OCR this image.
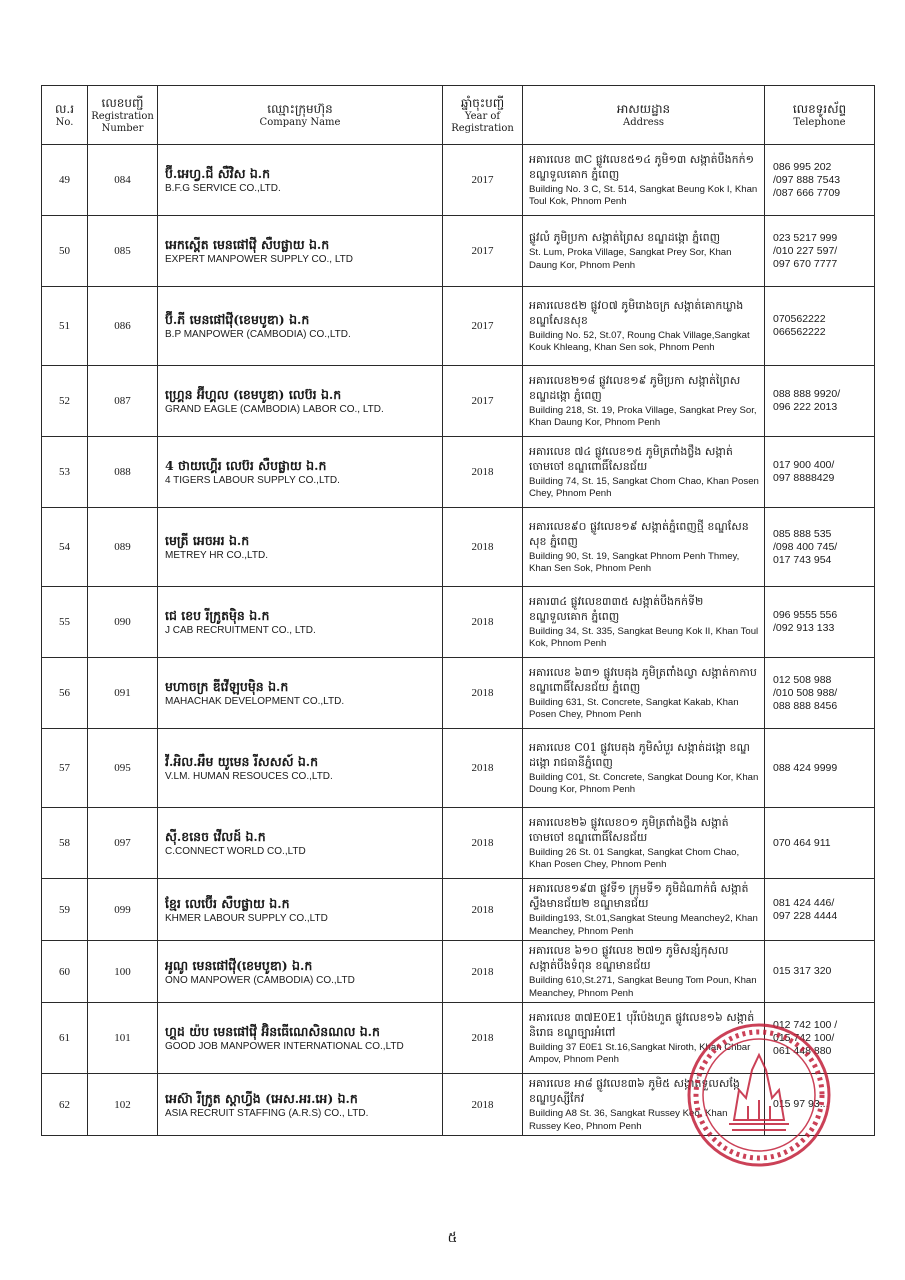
ល.រ
No.	លេខបញ្ជី
Registration Number	ឈ្មោះក្រុមហ៊ុន
Company Name	ឆ្នាំចុះបញ្ជី
Year of Registration	អាសយដ្ឋាន
Address	លេខទូរស័ព្ទ
Telephone

49	084	ប៊ី.អេហ្វ.ជី សឺវិស ឯ.ក
B.F.G SERVICE CO.,LTD.	2017	អគារលេខ ៣C ផ្លូវលេខ៥១៤ ភូមិ១៣ សង្កាត់បឹងកក់១ ខណ្ឌទួលគោក ភ្នំពេញ
Building No. 3 C, St. 514, Sangkat Beung Kok I, Khan Toul Kok, Phnom Penh	086 995 202
/097 888 7543
/087 666 7709

50	085	អេកស្ពើត មេនផៅវ៉ើ សឺបផ្លាយ ឯ.ក
EXPERT MANPOWER SUPPLY CO., LTD	2017	ផ្លូវលំ ភូមិប្រកា សង្កាត់ព្រៃស ខណ្ឌដង្កោ ភ្នំពេញ
St. Lum, Proka Village, Sangkat Prey Sor, Khan Daung Kor, Phnom Penh	023 5217 999
/010 227 597/
097 670 7777

51	086	ប៊ី.ភី មេនផៅវ៉ើ(ខេមបូឌា) ឯ.ក
B.P MANPOWER (CAMBODIA) CO.,LTD.	2017	អគារលេខ៥២ ផ្លូវ០៧ ភូមិរោងចក្រ សង្កាត់គោកឃ្លាង ខណ្ឌសែនសុខ
Building No. 52, St.07, Roung Chak Village,Sangkat Kouk Khleang, Khan Sen sok, Phnom Penh	070562222
066562222

52	087	ហ្គ្រេន អ៊ីហ្គល (ខេមបូឌា) លេប៊រ ឯ.ក
GRAND EAGLE (CAMBODIA) LABOR CO., LTD.	2017	អគារលេខ២១៨ ផ្លូវលេខ១៩ ភូមិប្រកា សង្កាត់ព្រៃស ខណ្ឌដង្កោ ភ្នំពេញ
Building 218, St. 19, Proka Village, Sangkat Prey Sor, Khan Daung Kor, Phnom Penh	088 888 9920/
096 222 2013

53	088	4 ថាយហ្គើរ លេប៊រ សឺបផ្លាយ ឯ.ក
4 TIGERS LABOUR SUPPLY CO.,LTD.	2018	អគារលេខ ៧៤ ផ្លូវលេខ១៥ ភូមិត្រពាំងថ្លឹង សង្កាត់ចោមចៅ ខណ្ឌពោធិ៍សែនជ័យ
Building 74, St. 15, Sangkat Chom Chao, Khan Posen Chey, Phnom Penh	017 900 400/
097 8888429

54	089	មេត្រី អេចអរ ឯ.ក
METREY HR CO.,LTD.	2018	អគារលេខ៩០ ផ្លូវលេខ១៩ សង្កាត់ភ្នំពេញថ្មី ខណ្ឌសែនសុខ ភ្នំពេញ
Building 90, St. 19, Sangkat Phnom Penh Thmey, Khan Sen Sok, Phnom Penh	085 888 535
/098 400 745/
017 743 954

55	090	ជេ ខេប រីក្រូតម៉ិន ឯ.ក
J CAB RECRUITMENT CO., LTD.	2018	អគារ៣៤ ផ្លូវលេខ៣៣៥ សង្កាត់បឹងកក់ទី២ ខណ្ឌទួលគោក ភ្នំពេញ
Building 34, St. 335, Sangkat Beung Kok II, Khan Toul Kok, Phnom Penh	096 9555 556
/092 913 133

56	091	មហាចក្រ ឌីវើឡុបម៉ិន ឯ.ក
MAHACHAK DEVELOPMENT CO.,LTD.	2018	អគារលេខ ៦៣១ ផ្លូវបេតុង ភូមិត្រពាំងល្វា សង្កាត់កាកាប ខណ្ឌពោធិ៍សែនជ័យ ភ្នំពេញ
Building 631, St. Concrete, Sangkat Kakab, Khan Posen Chey, Phnom Penh	012 508 988
/010 508 988/
088 888 8456

57	095	វី.អិល.អឹម យូមេន រីសសស៍ ឯ.ក
V.LM. HUMAN RESOUCES CO.,LTD.	2018	អគារលេខ C01 ផ្លូវបេតុង ភូមិសំបួរ សង្កាត់ដង្កោ ខណ្ឌដង្កោ រាជធានីភ្នំពេញ
Building C01, St. Concrete, Sangkat Doung Kor, Khan Doung Kor, Phnom Penh	088 424 9999

58	097	ស៊ី.ខនេច វើលដ៍ ឯ.ក
C.CONNECT WORLD CO.,LTD	2018	អគារលេខ២៦ ផ្លូវលេខ០១ ភូមិត្រពាំងថ្លឹង សង្កាត់ចោមចៅ ខណ្ឌពោធិ៍សែនជ័យ
Building 26 St. 01 Sangkat, Sangkat Chom Chao, Khan Posen Chey, Phnom Penh	070 464 911

59	099	ខ្មែរ លេប៊ើរ សឺបផ្លាយ ឯ.ក
KHMER LABOUR SUPPLY CO.,LTD	2018	អគារលេខ១៩៣ ផ្លូវទី១ ក្រុមទី១ ភូមិដំណាក់ធំ សង្កាត់ស្ទឹងមានជ័យ២ ខណ្ឌមានជ័យ
Building193, St.01,Sangkat Steung Meanchey2, Khan Meanchey, Phnom Penh	081 424 446/
097 228 4444

60	100	អូណូ មេនផៅវ៉ើ(ខេមបូឌា) ឯ.ក
ONO MANPOWER (CAMBODIA) CO.,LTD	2018	អគារលេខ ៦១០ ផ្លូវលេខ ២៧១ ភូមិសន្សំកុសល សង្កាត់បឹងទំពុន ខណ្ឌមានជ័យ
Building 610,St.271, Sangkat Beung Tom Poun, Khan Meanchey, Phnom Penh	015 317 320

61	101	ហ្គូដ យ៉ប មេនផៅវ៉ើ អ៊ិនធើណេសិនណល ឯ.ក
GOOD JOB MANPOWER INTERNATIONAL CO.,LTD	2018	អគារលេខ ៣៧E0E1 បុរីប៉េងហួត ផ្លូវលេខ១៦ សង្កាត់និរោធ ខណ្ឌច្បារអំពៅ
Building 37 E0E1 St.16,Sangkat Niroth, Khan Chbar Ampov, Phnom Penh	012 742 100 /
015 742 100/
061 448 880

62	102	អេស៊ា រីក្រូត ស្តាហ្វីង (អេស.អរ.អេ) ឯ.ក
ASIA RECRUIT STAFFING (A.R.S) CO., LTD.	2018	អគារលេខ អា៨ ផ្លូវលេខ៣៦ ភូមិ៥ សង្កាត់ទួលសង្កែ ខណ្ឌឫស្សីកែវ
Building A8 St. 36, Sangkat Russey Keo, Khan Russey Keo, Phnom Penh	015 97 93...
៥
